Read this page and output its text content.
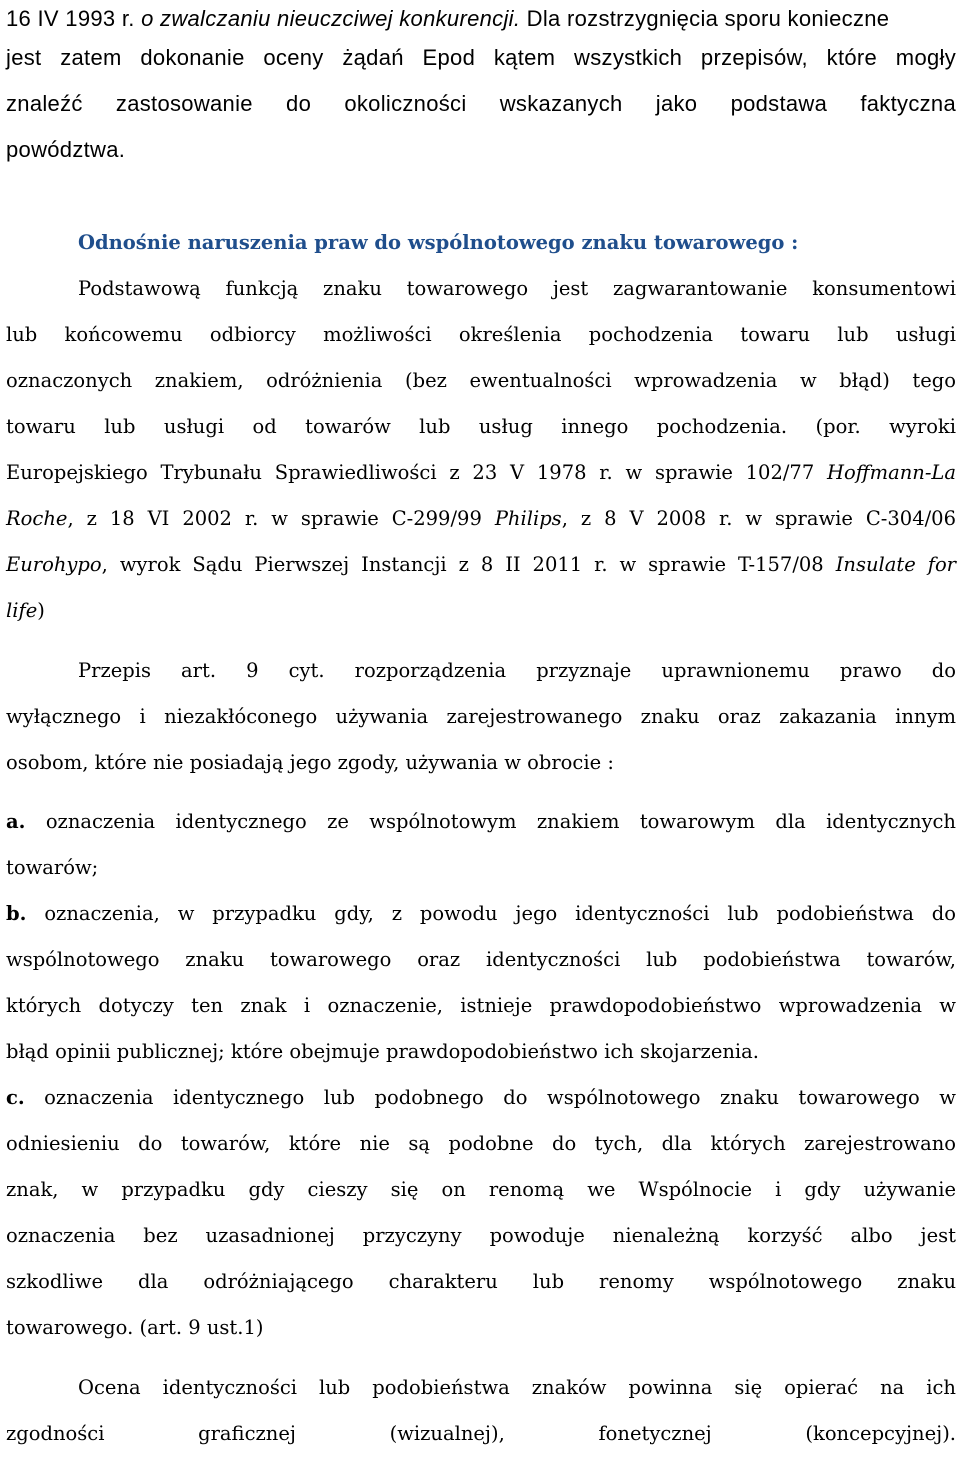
16 IV 1993 r. o zwalczaniu nieuczciwej konkurencji. Dla rozstrzygnięcia sporu konieczne
jest zatem dokonanie oceny żądań Epod kątem wszystkich przepisów, które mogły
znaleźć zastosowanie do okoliczności wskazanych jako podstawa faktyczna
powództwa.
Odnośnie naruszenia praw do wspólnotowego znaku towarowego :
Podstawową funkcją znaku towarowego jest zagwarantowanie konsumentowi
lub końcowemu odbiorcy możliwości określenia pochodzenia towaru lub usługi
oznaczonych znakiem, odróżnienia (bez ewentualności wprowadzenia w błąd) tego
towaru lub usługi od towarów lub usług innego pochodzenia. (por. wyroki
Europejskiego Trybunału Sprawiedliwości z 23 V 1978 r. w sprawie 102/77 Hoffmann-La
Roche, z 18 VI 2002 r. w sprawie C-299/99 Philips, z 8 V 2008 r. w sprawie C-304/06
Eurohypo, wyrok Sądu Pierwszej Instancji z 8 II 2011 r. w sprawie T-157/08 Insulate for
life)
Przepis art. 9 cyt. rozporządzenia przyznaje uprawnionemu prawo do
wyłącznego i niezakłóconego używania zarejestrowanego znaku oraz zakazania innym
osobom, które nie posiadają jego zgody, używania w obrocie :
a. oznaczenia identycznego ze wspólnotowym znakiem towarowym dla identycznych
towarów;
b. oznaczenia, w przypadku gdy, z powodu jego identyczności lub podobieństwa do
wspólnotowego znaku towarowego oraz identyczności lub podobieństwa towarów,
których dotyczy ten znak i oznaczenie, istnieje prawdopodobieństwo wprowadzenia w
błąd opinii publicznej; które obejmuje prawdopodobieństwo ich skojarzenia.
c. oznaczenia identycznego lub podobnego do wspólnotowego znaku towarowego w
odniesieniu do towarów, które nie są podobne do tych, dla których zarejestrowano
znak, w przypadku gdy cieszy się on renomą we Wspólnocie i gdy używanie
oznaczenia bez uzasadnionej przyczyny powoduje nienależną korzyść albo jest
szkodliwe dla odróżniającego charakteru lub renomy wspólnotowego znaku
towarowego. (art. 9 ust.1)
Ocena identyczności lub podobieństwa znaków powinna się opierać na ich
zgodności graficznej (wizualnej), fonetycznej (koncepcyjnej).
